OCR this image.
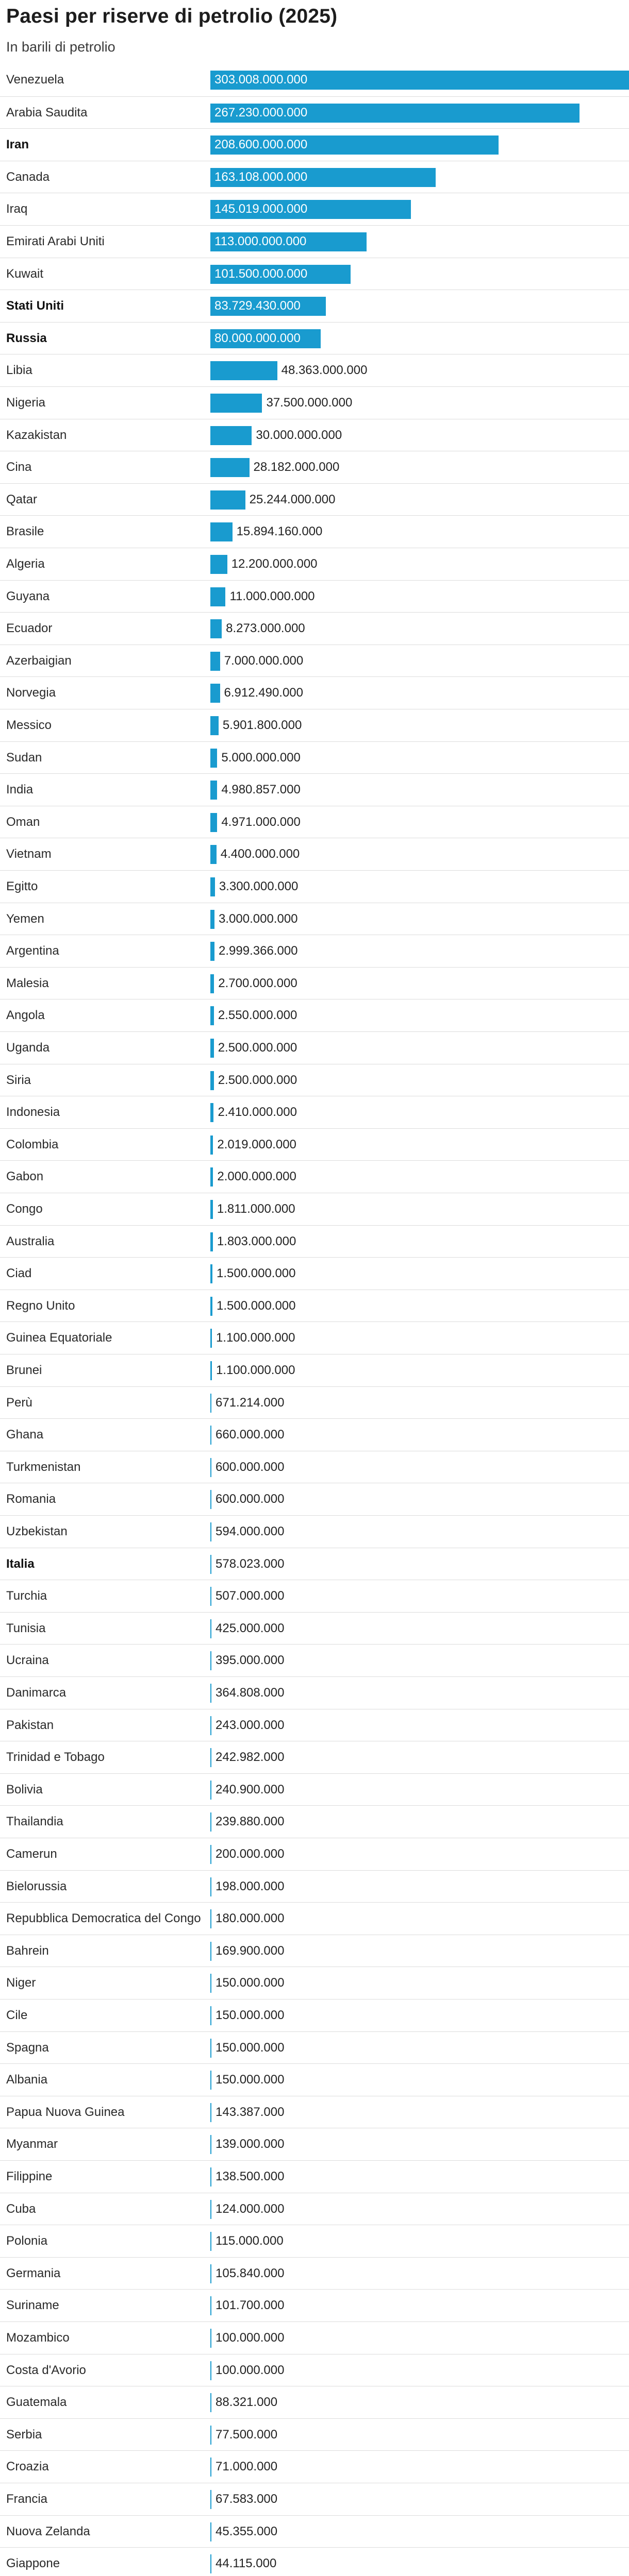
Paesi per riserve di petrolio (2025)

In barili di petrolio

Venezuela	303.008.000.000
Arabia Saudita	267.230.000.000
Iran	208.600.000.000
Canada	163.108.000.000
Iraq	145.019.000.000
Emirati Arabi Uniti	113.000.000.000
Kuwait	101.500.000.000
Stati Uniti	83.729.430.000
Russia	80.000.000.000
Libia	48.363.000.000
Nigeria	37.500.000.000
Kazakistan	30.000.000.000
Cina	28.182.000.000
Qatar	25.244.000.000
Brasile	15.894.160.000
Algeria	12.200.000.000
Guyana	11.000.000.000
Ecuador	8.273.000.000
Azerbaigian	7.000.000.000
Norvegia	6.912.490.000
Messico	5.901.800.000
Sudan	5.000.000.000
India	4.980.857.000
Oman	4.971.000.000
Vietnam	4.400.000.000
Egitto	3.300.000.000
Yemen	3.000.000.000
Argentina	2.999.366.000
Malesia	2.700.000.000
Angola	2.550.000.000
Uganda	2.500.000.000
Siria	2.500.000.000
Indonesia	2.410.000.000
Colombia	2.019.000.000
Gabon	2.000.000.000
Congo	1.811.000.000
Australia	1.803.000.000
Ciad	1.500.000.000
Regno Unito	1.500.000.000
Guinea Equatoriale	1.100.000.000
Brunei	1.100.000.000
Perù	671.214.000
Ghana	660.000.000
Turkmenistan	600.000.000
Romania	600.000.000
Uzbekistan	594.000.000
Italia	578.023.000
Turchia	507.000.000
Tunisia	425.000.000
Ucraina	395.000.000
Danimarca	364.808.000
Pakistan	243.000.000
Trinidad e Tobago	242.982.000
Bolivia	240.900.000
Thailandia	239.880.000
Camerun	200.000.000
Bielorussia	198.000.000
Repubblica Democratica del Congo 180.000.000
Bahrein	169.900.000
Niger	150.000.000
Cile	150.000.000
Spagna	150.000.000
Albania	150.000.000
Papua Nuova Guinea	143.387.000
Myanmar	139.000.000
Filippine	138.500.000
Cuba	124.000.000
Polonia	115.000.000
Germania	105.840.000
Suriname	101.700.000
Mozambico	100.000.000
Costa d'Avorio	100.000.000
Guatemala	88.321.000
Serbia	77.500.000
Croazia	71.000.000
Francia	67.583.000
Nuova Zelanda	45.355.000
Giappone	44.115.000
